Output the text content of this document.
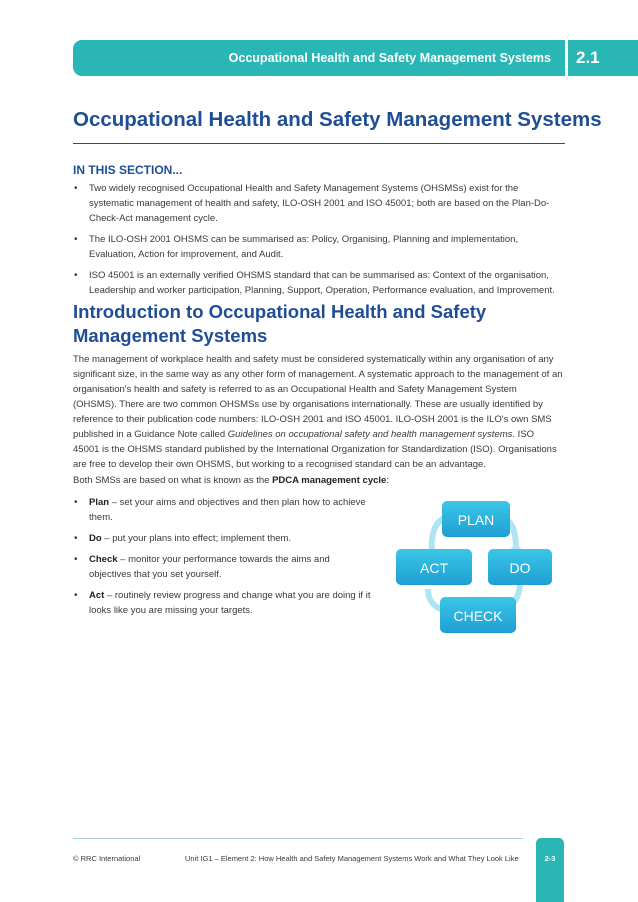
Occupational Health and Safety Management Systems	2.1
Occupational Health and Safety Management Systems
IN THIS SECTION...
• Two widely recognised Occupational Health and Safety Management Systems (OHSMSs) exist for the systematic management of health and safety, ILO-OSH 2001 and ISO 45001; both are based on the Plan-Do-Check-Act management cycle.
• The ILO-OSH 2001 OHSMS can be summarised as: Policy, Organising, Planning and implementation, Evaluation, Action for improvement, and Audit.
• ISO 45001 is an externally verified OHSMS standard that can be summarised as: Context of the organisation, Leadership and worker participation, Planning, Support, Operation, Performance evaluation, and Improvement.
Introduction to Occupational Health and Safety Management Systems

The management of workplace health and safety must be considered systematically within any organisation of any significant size, in the same way as any other form of management. A systematic approach to the management of an organisation's health and safety is referred to as an Occupational Health and Safety Management System (OHSMS). There are two common OHSMSs use by organisations internationally. These are usually identified by reference to their publication code numbers: ILO-OSH 2001 and ISO 45001. ILO-OSH 2001 is the ILO's own SMS published in a Guidance Note called Guidelines on occupational safety and health management systems. ISO 45001 is the OHSMS standard published by the International Organization for Standardization (ISO). Organisations are free to develop their own OHSMS, but working to a recognised standard can be an advantage.

Both SMSs are based on what is known as the PDCA management cycle:

• Plan – set your aims and objectives and then plan how to achieve them.
• Do – put your plans into effect; implement them.
• Check – monitor your performance towards the aims and objectives that you set yourself.
• Act – routinely review progress and change what you are doing if it looks like you are missing your targets.
PLAN
ACT	DO
CHECK
© RRC International	Unit IG1 – Element 2: How Health and Safety Management Systems Work and What They Look Like	2-3
